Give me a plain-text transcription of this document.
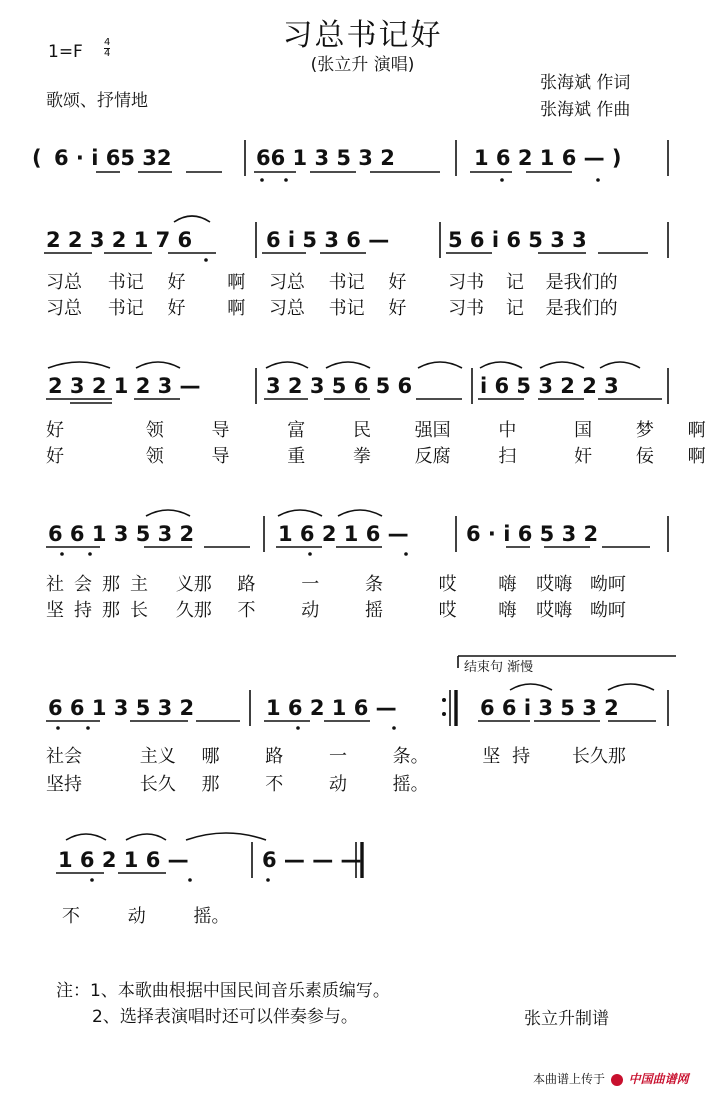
习总书记好
(张立升 演唱)
1=F 4
4
歌颂、抒情地
张海斌 作词
张海斌 作曲
( 6 · i 65 32	66 1 3 5 3 2	1 6 2 1 6 — )
2 2 3 2 1 7 6	6 i 5 3 6 —	5 6 i 6 5 3 3
习总 书记 好 啊 习总 书记 好 习书 记 是我们的
习总 书记 好 啊 习总 书记 好 习书 记 是我们的
2 3 2 1 2 3 —	3 2 3 5 6 5 6	i 6 5 3 2 2 3
好	领	导	富	民 强国	中	国 梦 啊
好	领	导	重	拳 反腐	扫	奸 佞 啊
6 6 1 3 5 3 2	1 6 2 1 6 —	6 · i 6 5 3 2
社会那主 义那 路	一	条	哎 嗨 哎嗨 呦呵
坚持那长 久那 不	动	摇	哎 嗨 哎嗨 呦呵
结束句 渐慢
6 6 1 3 5 3 2	1 6 2 1 6 —	6 6 i 3 5 3 2
社会	主义 哪	路	一	条。	坚 持 长久那
坚持	长久 那	不	动	摇。
1 6 2 1 6 —	6 — — —
不	动	摇。
注：1、本歌曲根据中国民间音乐素质编写。
2、选择表演唱时还可以伴奏参与。	张立升制谱
本曲谱上传于 中国曲谱网
